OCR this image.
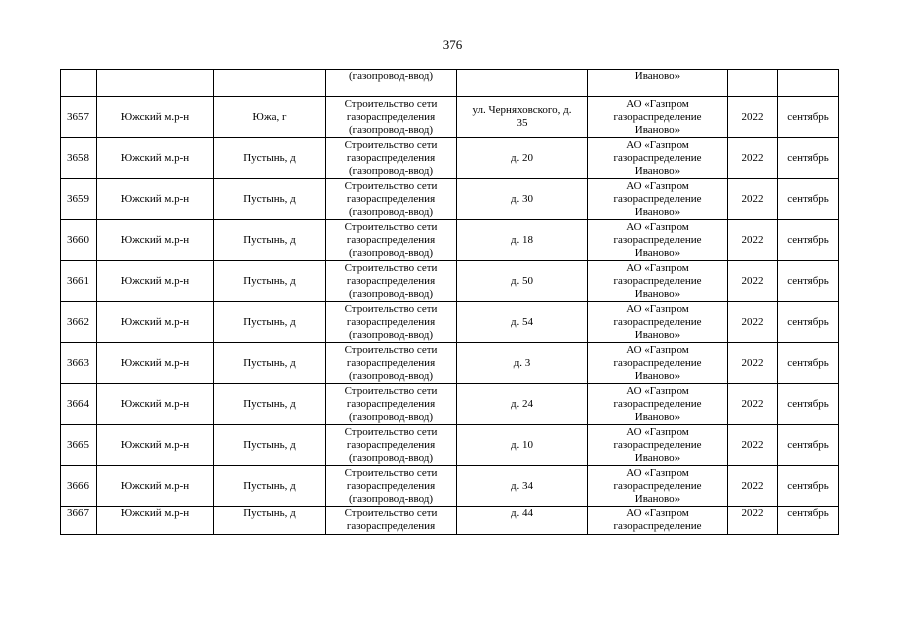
376
			(газопровод-ввод)		Иваново»		
3657	Южский м.р-н	Южа, г	Строительство сети
газораспределения
(газопровод-ввод)	ул. Черняховского, д.
35	АО «Газпром
газораспределение
Иваново»	2022	сентябрь
3658	Южский м.р-н	Пустынь, д	Строительство сети
газораспределения
(газопровод-ввод)	д. 20	АО «Газпром
газораспределение
Иваново»	2022	сентябрь
3659	Южский м.р-н	Пустынь, д	Строительство сети
газораспределения
(газопровод-ввод)	д. 30	АО «Газпром
газораспределение
Иваново»	2022	сентябрь
3660	Южский м.р-н	Пустынь, д	Строительство сети
газораспределения
(газопровод-ввод)	д. 18	АО «Газпром
газораспределение
Иваново»	2022	сентябрь
3661	Южский м.р-н	Пустынь, д	Строительство сети
газораспределения
(газопровод-ввод)	д. 50	АО «Газпром
газораспределение
Иваново»	2022	сентябрь
3662	Южский м.р-н	Пустынь, д	Строительство сети
газораспределения
(газопровод-ввод)	д. 54	АО «Газпром
газораспределение
Иваново»	2022	сентябрь
3663	Южский м.р-н	Пустынь, д	Строительство сети
газораспределения
(газопровод-ввод)	д. 3	АО «Газпром
газораспределение
Иваново»	2022	сентябрь
3664	Южский м.р-н	Пустынь, д	Строительство сети
газораспределения
(газопровод-ввод)	д. 24	АО «Газпром
газораспределение
Иваново»	2022	сентябрь
3665	Южский м.р-н	Пустынь, д	Строительство сети
газораспределения
(газопровод-ввод)	д. 10	АО «Газпром
газораспределение
Иваново»	2022	сентябрь
3666	Южский м.р-н	Пустынь, д	Строительство сети
газораспределения
(газопровод-ввод)	д. 34	АО «Газпром
газораспределение
Иваново»	2022	сентябрь
3667	Южский м.р-н	Пустынь, д	Строительство сети
газораспределения	д. 44	АО «Газпром
газораспределение	2022	сентябрь
